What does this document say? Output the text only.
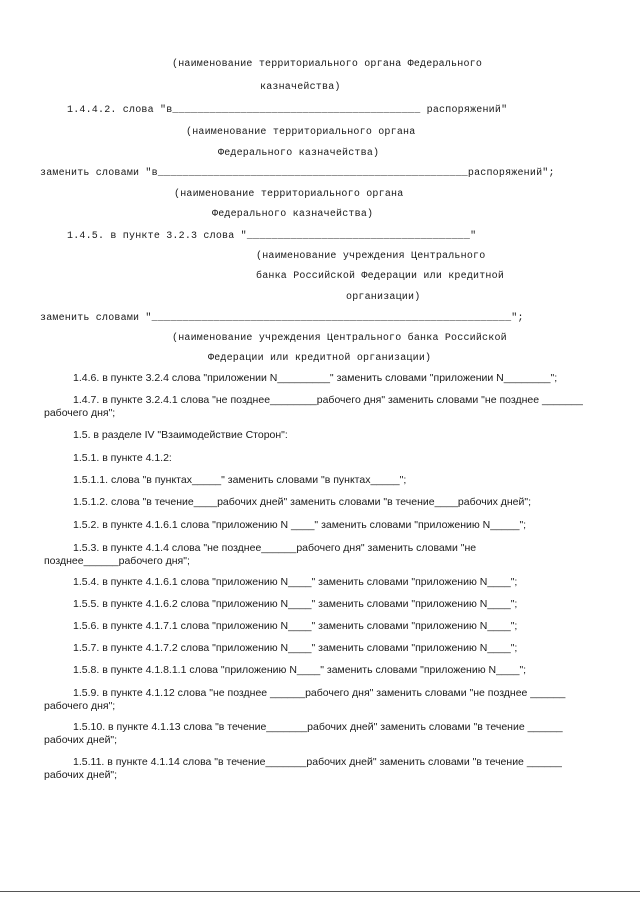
(наименование территориального органа Федерального
казначейства)
1.4.4.2. слова "в________________________________________ распоряжений"
(наименование территориального органа
Федерального казначейства)
заменить словами "в__________________________________________________распоряжений";
(наименование территориального органа
Федерального казначейства)
1.4.5. в пункте 3.2.3 слова "____________________________________"
(наименование учреждения Центрального
банка Российской Федерации или кредитной
организации)
заменить словами "__________________________________________________________";
(наименование учреждения Центрального банка Российской
Федерации или кредитной организации)
1.4.6. в пункте 3.2.4 слова "приложении N_________" заменить словами "приложении N________";
1.4.7. в пункте 3.2.4.1 слова "не позднее________рабочего дня" заменить словами "не позднее _______ рабочего дня";
1.5. в разделе IV "Взаимодействие Сторон":
1.5.1. в пункте 4.1.2:
1.5.1.1. слова "в пунктах_____" заменить словами "в пунктах_____";
1.5.1.2. слова "в течение____рабочих дней" заменить словами "в течение____рабочих дней";
1.5.2. в пункте 4.1.6.1 слова "приложению N ____" заменить словами "приложению N_____";
1.5.3. в пункте 4.1.4 слова "не позднее______рабочего дня" заменить словами "не позднее______рабочего дня";
1.5.4. в пункте 4.1.6.1 слова "приложению N____" заменить словами "приложению N____";
1.5.5. в пункте 4.1.6.2 слова "приложению N____" заменить словами "приложению N____";
1.5.6. в пункте 4.1.7.1 слова "приложению N____" заменить словами "приложению N____";
1.5.7. в пункте 4.1.7.2 слова "приложению N____" заменить словами "приложению N____";
1.5.8. в пункте 4.1.8.1.1 слова "приложению N____" заменить словами "приложению N____";
1.5.9. в пункте 4.1.12 слова "не позднее ______рабочего дня" заменить словами "не позднее ______ рабочего дня";
1.5.10. в пункте 4.1.13 слова "в течение_______рабочих дней" заменить словами "в течение ______ рабочих дней";
1.5.11. в пункте 4.1.14 слова "в течение_______рабочих дней" заменить словами "в течение ______ рабочих дней";
